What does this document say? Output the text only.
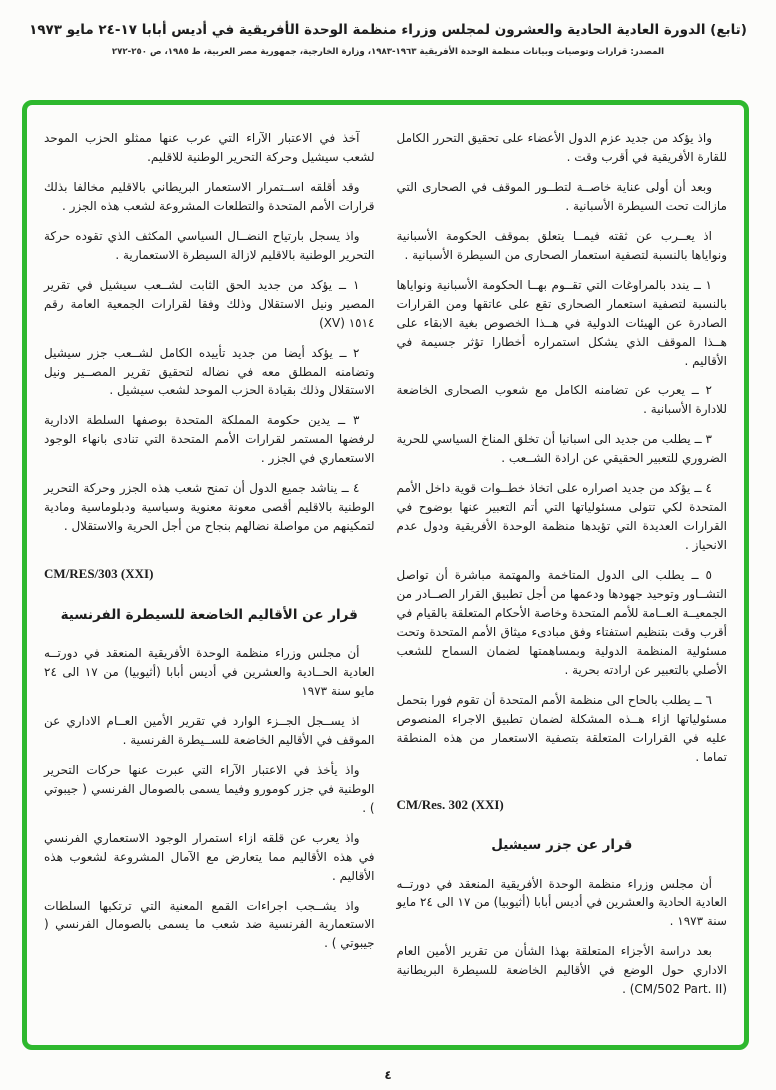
(تابع) الدورة العادية الحادية والعشرون لمجلس وزراء منظمة الوحدة الأفريقية في أديس أبابا ١٧-٢٤ مايو ١٩٧٣
المصدر: قرارات وتوصيات وبيانات منظمة الوحدة الأفريقية ١٩٦٣-١٩٨٣، وزارة الخارجية، جمهورية مصر العربية، ط ١٩٨٥، ص ٢٥٠-٢٧٢

واذ يؤكد من جديد عزم الدول الأعضاء على تحقيق التحرر الكامل للقارة الأفريقية في أقرب وقت .

وبعد أن أولى عناية خاصــة لتطــور الموقف في الصحارى التي مازالت تحت السيطرة الأسبانية .

اذ يعــرب عن ثقته فيمــا يتعلق بموقف الحكومة الأسبانية ونواياها بالنسبة لتصفية استعمار الصحارى من السيطرة الأسبانية .

١ ــ يندد بالمراوغات التي تقــوم بهــا الحكومة الأسبانية ونواياها بالنسبة لتصفية استعمار الصحارى تقع على عاتقها ومن القرارات الصادرة عن الهيئات الدولية في هــذا الخصوص بغية الابقاء على هــذا الموقف الذي يشكل استمراره أخطارا تؤثر جسيمة في الأقاليم .

٢ ــ يعرب عن تضامنه الكامل مع شعوب الصحارى الخاضعة للادارة الأسبانية .

٣ ــ يطلب من جديد الى اسبانيا أن تخلق المناخ السياسي للحرية الضروري للتعبير الحقيقي عن ارادة الشــعب .

٤ ــ يؤكد من جديد اصراره على اتخاذ خطــوات قوية داخل الأمم المتحدة لكي تتولى مسئولياتها التي أتم التعبير عنها بوضوح في القرارات العديدة التي تؤيدها منظمة الوحدة الأفريقية ودول عدم الانحياز .

٥ ــ يطلب الى الدول المتاخمة والمهتمة مباشرة أن تواصل التشــاور وتوحيد جهودها ودعمها من أجل تطبيق القرار الصــادر من الجمعيــة العــامة للأمم المتحدة وخاصة الأحكام المتعلقة بالقيام في أقرب وقت بتنظيم استفتاء وفق مبادىء ميثاق الأمم المتحدة وتحت مسئولية المنظمة الدولية وبمساهمتها لضمان السماح للشعب الأصلي بالتعبير عن ارادته بحرية .

٦ ــ يطلب بالحاح الى منظمة الأمم المتحدة أن تقوم فورا بتحمل مسئولياتها ازاء هــذه المشكلة لضمان تطبيق الاجراء المنصوص عليه في القرارات المتعلقة بتصفية الاستعمار من هذه المنطقة تماما .

CM/Res. 302 (XXI)
قرار عن جزر سيشيل

أن مجلس وزراء منظمة الوحدة الأفريقية المنعقد في دورتــه العادية الحادية والعشرين في أديس أبابا (أثيوبيا) من ١٧ الى ٢٤ مايو سنة ١٩٧٣ .

بعد دراسة الأجزاء المتعلقة بهذا الشأن من تقرير الأمين العام الاداري حول الوضع في الأقاليم الخاضعة للسيطرة البريطانية (CM/502 Part. II) .

آخذ في الاعتبار الآراء التي عرب عنها ممثلو الحزب الموحد لشعب سيشيل وحركة التحرير الوطنية للاقليم.

وقد أقلقه اســتمرار الاستعمار البريطاني بالاقليم مخالفا بذلك قرارات الأمم المتحدة والتطلعات المشروعة لشعب هذه الجزر .

واذ يسجل بارتياح النضــال السياسي المكثف الذي تقوده حركة التحرير الوطنية بالاقليم لازالة السيطرة الاستعمارية .

١ ــ يؤكد من جديد الحق الثابت لشــعب سيشيل في تقرير المصير ونيل الاستقلال وذلك وفقا لقرارات الجمعية العامة رقم ١٥١٤ (XV)

٢ ــ يؤكد أيضا من جديد تأييده الكامل لشــعب جزر سيشيل وتضامنه المطلق معه في نضاله لتحقيق تقرير المصــير ونيل الاستقلال وذلك بقيادة الحزب الموحد لشعب سيشيل .

٣ ــ يدين حكومة المملكة المتحدة بوصفها السلطة الادارية لرفضها المستمر لقرارات الأمم المتحدة التي تنادى بانهاء الوجود الاستعماري في الجزر .

٤ ــ يناشد جميع الدول أن تمنح شعب هذه الجزر وحركة التحرير الوطنية بالاقليم أقصى معونة معنوية وسياسية ودبلوماسية ومادية لتمكينهم من مواصلة نضالهم بنجاح من أجل الحرية والاستقلال .

CM/RES/303 (XXI)
قرار عن الأقاليم الخاضعة للسيطرة الفرنسية

أن مجلس وزراء منظمة الوحدة الأفريقية المنعقد في دورتــه العادية الحــادية والعشرين في أديس أبابا (أثيوبيا) من ١٧ الى ٢٤ مايو سنة ١٩٧٣

اذ يســجل الجــزء الوارد في تقرير الأمين العــام الاداري عن الموقف في الأقاليم الخاضعة للســيطرة الفرنسية .

واذ يأخذ في الاعتبار الآراء التي عبرت عنها حركات التحرير الوطنية في جزر كومورو وفيما يسمى بالصومال الفرنسي ( جيبوتي ) .

واذ يعرب عن قلقه ازاء استمرار الوجود الاستعماري الفرنسي في هذه الأقاليم مما يتعارض مع الآمال المشروعة لشعوب هذه الأقاليم .

واذ يشــجب اجراءات القمع المعنية التي ترتكبها السلطات الاستعمارية الفرنسية ضد شعب ما يسمى بالصومال الفرنسي ( جيبوتي ) .

٤
